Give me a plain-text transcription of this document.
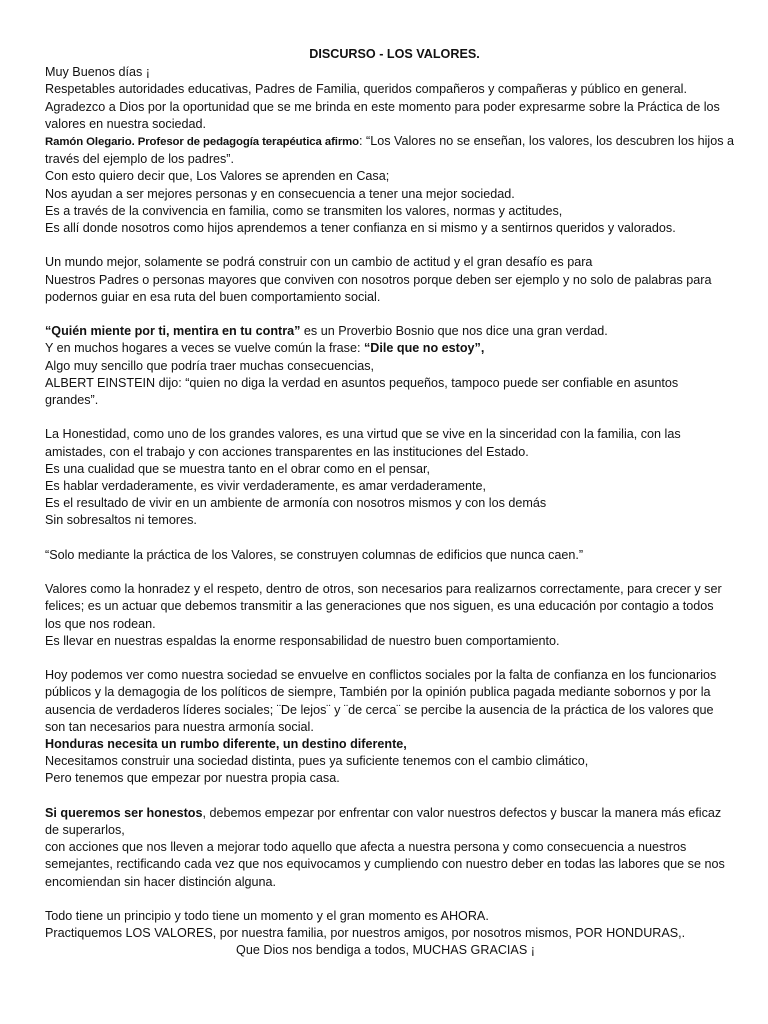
DISCURSO - LOS VALORES.
Muy Buenos días ¡
Respetables autoridades educativas, Padres de Familia, queridos compañeros y compañeras y público en general.
Agradezco a Dios por la oportunidad que se me brinda en este momento para poder expresarme sobre la Práctica de los
valores en nuestra sociedad.
Ramón Olegario. Profesor de pedagogía terapéutica afirmo: “Los Valores no se enseñan, los valores, los descubren los hijos a
través del ejemplo de los padres”.
Con esto quiero decir que, Los Valores se aprenden en Casa;
Nos ayudan a ser mejores personas y en consecuencia a tener una mejor sociedad.
Es a través de la convivencia en familia, como se transmiten los valores, normas y actitudes,
Es allí donde nosotros como hijos aprendemos a tener confianza en si mismo y a sentirnos queridos y valorados.
Un mundo mejor, solamente se podrá construir con un cambio de actitud y el gran desafío es para
Nuestros Padres o personas mayores que conviven con nosotros porque deben ser ejemplo y no solo de palabras para
podernos guiar en esa ruta del buen comportamiento social.
“Quién miente por ti, mentira en tu contra” es un Proverbio Bosnio que nos dice una gran verdad.
Y en muchos hogares a veces se vuelve común la frase: “Dile que no estoy”,
Algo muy sencillo que podría traer muchas consecuencias,
ALBERT EINSTEIN dijo: “quien no diga la verdad en asuntos pequeños, tampoco puede ser confiable en asuntos
grandes”.
La Honestidad, como uno de los grandes valores, es una virtud que se vive en la sinceridad con la familia, con las
amistades, con el trabajo y con acciones transparentes en las instituciones del Estado.
Es una cualidad que se muestra tanto en el obrar como en el pensar,
Es hablar verdaderamente, es vivir verdaderamente, es amar verdaderamente,
Es el resultado de vivir en un ambiente de armonía con nosotros mismos y con los demás
Sin sobresaltos ni temores.
“Solo mediante la práctica de los Valores, se construyen columnas de edificios que nunca caen.”
Valores como la honradez y el respeto, dentro de otros, son necesarios para realizarnos correctamente, para crecer y ser
felices; es un actuar que debemos transmitir a las generaciones que nos siguen, es una educación por contagio a todos
los que nos rodean.
Es llevar en nuestras espaldas la enorme responsabilidad de nuestro buen comportamiento.
Hoy podemos ver como nuestra sociedad se envuelve en conflictos sociales por la falta de confianza en los funcionarios
públicos y la demagogia de los políticos de siempre, También por la opinión publica pagada mediante sobornos y por la
ausencia de verdaderos líderes sociales; ¨De lejos¨ y ¨de cerca¨ se percibe la ausencia de la práctica de los valores que
son tan necesarios para nuestra armonía social.
Honduras necesita un rumbo diferente, un destino diferente,
Necesitamos construir una sociedad distinta, pues ya suficiente tenemos con el cambio climático,
Pero tenemos que empezar por nuestra propia casa.
Si queremos ser honestos, debemos empezar por enfrentar con valor nuestros defectos y buscar la manera más eficaz
de superarlos,
con acciones que nos lleven a mejorar todo aquello que afecta a nuestra persona y como consecuencia a nuestros
semejantes, rectificando cada vez que nos equivocamos y cumpliendo con nuestro deber en todas las labores que se nos
encomiendan sin hacer distinción alguna.
Todo tiene un principio y todo tiene un momento y el gran momento es AHORA.
Practiquemos LOS VALORES, por nuestra familia, por nuestros amigos, por nosotros mismos, POR HONDURAS,.
Que Dios nos bendiga a todos, MUCHAS GRACIAS ¡
